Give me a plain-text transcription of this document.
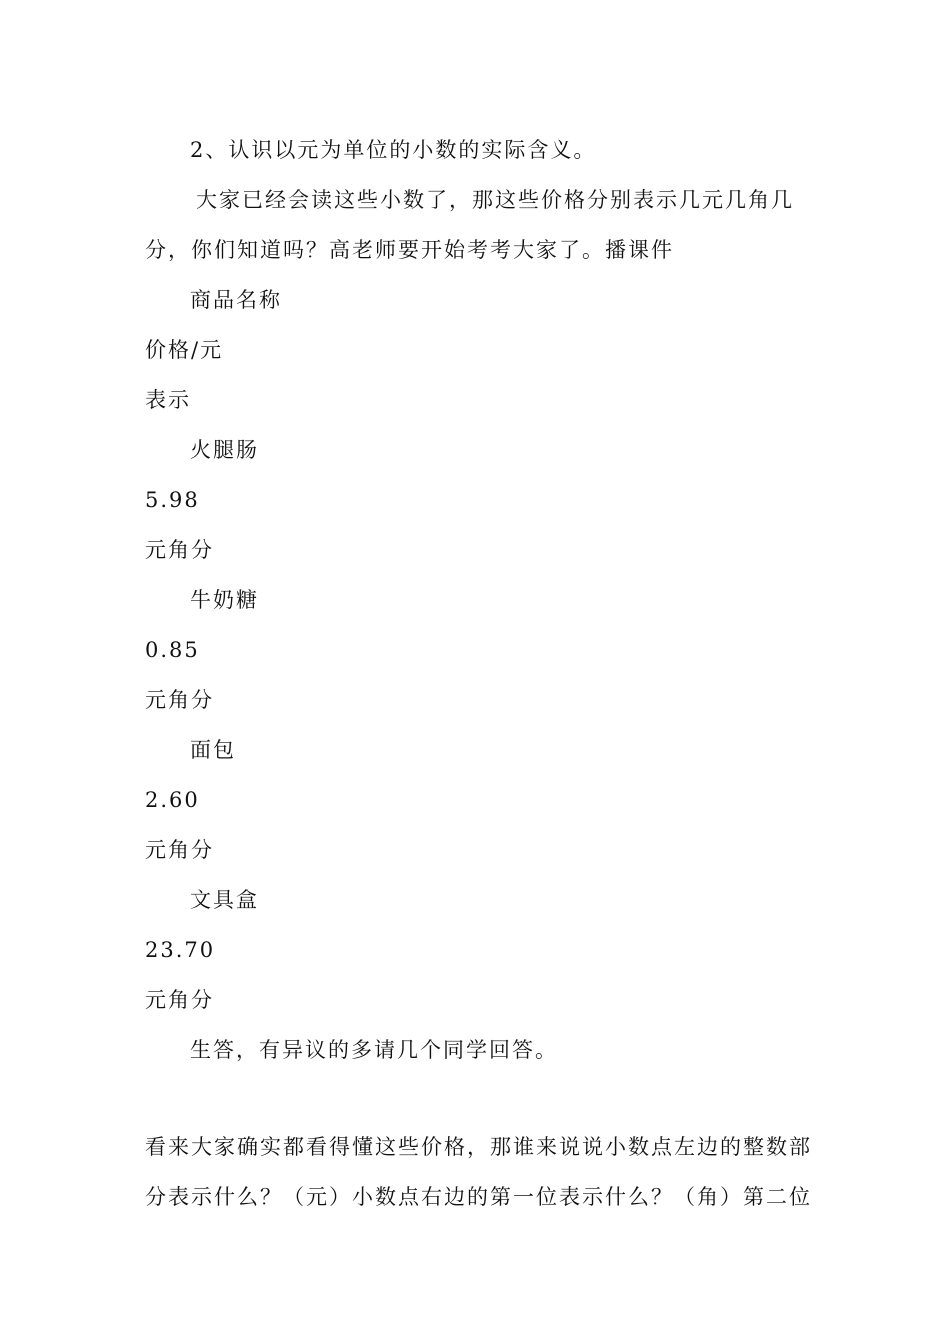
2、认识以元为单位的小数的实际含义。
大家已经会读这些小数了，那这些价格分别表示几元几角几
分，你们知道吗？高老师要开始考考大家了。播课件
商品名称
价格/元
表示
火腿肠
5.98
元角分
牛奶糖
0.85
元角分
面包
2.60
元角分
文具盒
23.70
元角分
生答，有异议的多请几个同学回答。
看来大家确实都看得懂这些价格，那谁来说说小数点左边的整数部
分表示什么？（元）小数点右边的第一位表示什么？（角）第二位
